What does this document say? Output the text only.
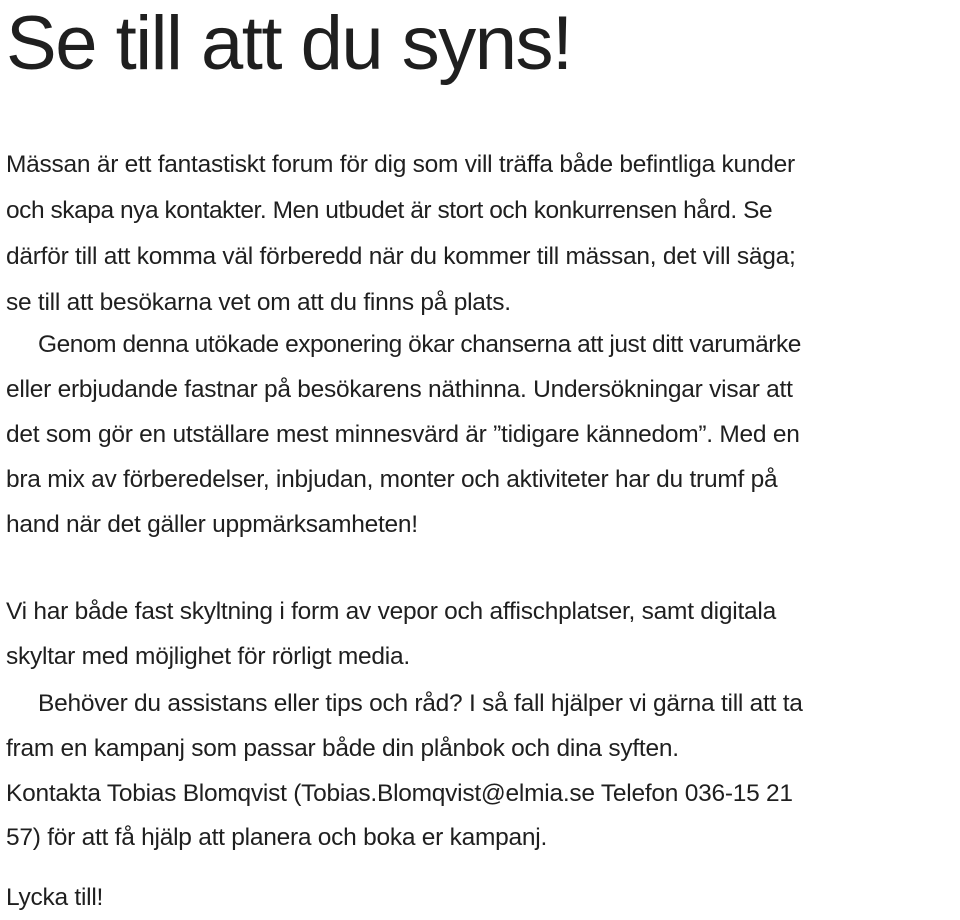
Se till att du syns!

Mässan är ett fantastiskt forum för dig som vill träffa både befintliga kunder
och skapa nya kontakter. Men utbudet är stort och konkurrensen hård. Se
därför till att komma väl förberedd när du kommer till mässan, det vill säga;
se till att besökarna vet om att du finns på plats.

Genom denna utökade exponering ökar chanserna att just ditt varumärke
eller erbjudande fastnar på besökarens näthinna. Undersökningar visar att
det som gör en utställare mest minnesvärd är ”tidigare kännedom”. Med en
bra mix av förberedelser, inbjudan, monter och aktiviteter har du trumf på
hand när det gäller uppmärksamheten!

Vi har både fast skyltning i form av vepor och affischplatser, samt digitala
skyltar med möjlighet för rörligt media.

Behöver du assistans eller tips och råd? I så fall hjälper vi gärna till att ta
fram en kampanj som passar både din plånbok och dina syften.

Kontakta Tobias Blomqvist (Tobias.Blomqvist@elmia.se Telefon 036-15 21
57) för att få hjälp att planera och boka er kampanj.

Lycka till!
